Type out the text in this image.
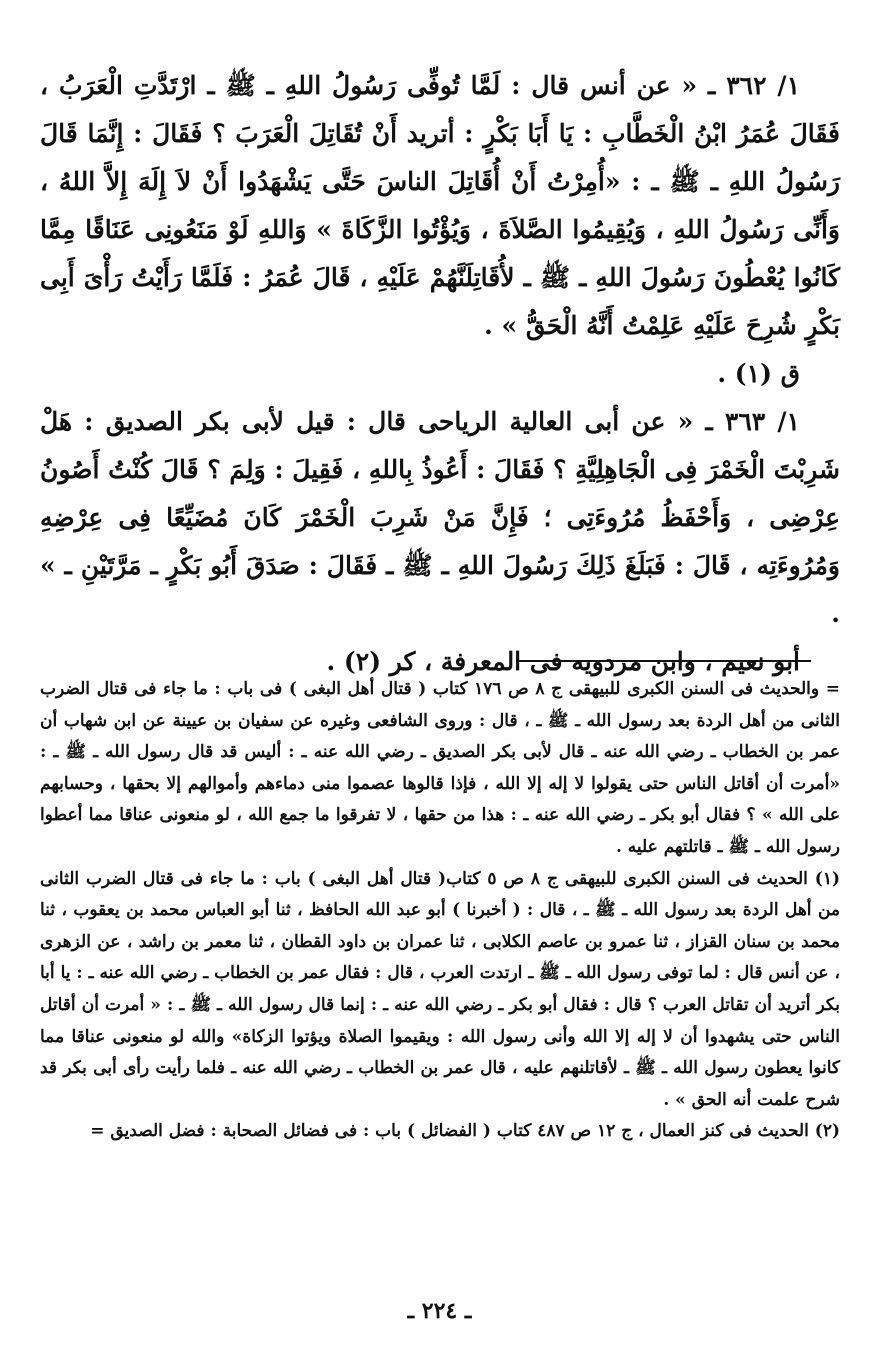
١/ ٣٦٢ ـ « عن أنس قال : لَمَّا تُوفِّى رَسُولُ اللهِ ـ ﷺ ـ ارْتَدَّتِ الْعَرَبُ ، فَقَالَ عُمَرُ ابْنُ الْخَطَّابِ : يَا أَبَا بَكْرٍ : أتريد أَنْ تُقَاتِلَ الْعَرَبَ ؟ فَقَالَ : إِنَّمَا قَالَ رَسُولُ اللهِ ـ ﷺ ـ : «أُمِرْتُ أَنْ أُقَاتِلَ الناسَ حَتَّى يَشْهَدُوا أَنْ لاَ إِلَهَ إِلاَّ اللهُ ، وَأَنِّى رَسُولُ اللهِ ، وَيُقِيمُوا الصَّلاَةَ ، وَيُؤْتُوا الزَّكَاةَ » وَاللهِ لَوْ مَنَعُونِى عَنَاقًا مِمَّا كَانُوا يُعْطُونَ رَسُولَ اللهِ ـ ﷺ ـ لأُقَاتِلَنَّهُمْ عَلَيْهِ ، قَالَ عُمَرُ : فَلَمَّا رَأَيْتُ رَأْىَ أَبِى بَكْرٍ شُرِحَ عَلَيْهِ عَلِمْتُ أَنَّهُ الْحَقُّ » .

ق (١) .

١/ ٣٦٣ ـ « عن أبى العالية الرياحى قال : قيل لأبى بكر الصديق : هَلْ شَرِبْتَ الْخَمْرَ فِى الْجَاهِلِيَّةِ ؟ فَقَالَ : أَعُوذُ بِاللهِ ، فَقِيلَ : وَلِمَ ؟ قَالَ كُنْتُ أَصُونُ عِرْضِى ، وَأَحْفَظُ مُرُوءَتِى ؛ فَإِنَّ مَنْ شَرِبَ الْخَمْرَ كَانَ مُضَيِّعًا فِى عِرْضِهِ وَمُرُوءَتِه ، قَالَ : فَبَلَغَ ذَلِكَ رَسُولَ اللهِ ـ ﷺ ـ فَقَالَ : صَدَقَ أَبُو بَكْرٍ ـ مَرَّتَيْنِ ـ » .

أبو نعيم ، وابن مردويه فى المعرفة ، كر (٢) .

= والحديث فى السنن الكبرى للبيهقى ج ٨ ص ١٧٦ كتاب ( قتال أهل البغى ) فى باب : ما جاء فى قتال الضرب الثانى من أهل الردة بعد رسول الله ـ ﷺ ـ ، قال : وروى الشافعى وغيره عن سفيان بن عيينة عن ابن شهاب أن عمر بن الخطاب ـ رضي الله عنه ـ قال لأبى بكر الصديق ـ رضي الله عنه ـ : أليس قد قال رسول الله ـ ﷺ ـ : «أمرت أن أقاتل الناس حتى يقولوا لا إله إلا الله ، فإذا قالوها عصموا منى دماءهم وأموالهم إلا بحقها ، وحسابهم على الله » ؟ فقال أبو بكر ـ رضي الله عنه ـ : هذا من حقها ، لا تفرقوا ما جمع الله ، لو منعونى عناقا مما أعطوا رسول الله ـ ﷺ ـ قاتلتهم عليه .

(١) الحديث فى السنن الكبرى للبيهقى ج ٨ ص ٥ كتاب( قتال أهل البغى ) باب : ما جاء فى قتال الضرب الثانى من أهل الردة بعد رسول الله ـ ﷺ ـ ، قال : ( أخبرنا ) أبو عبد الله الحافظ ، ثنا أبو العباس محمد بن يعقوب ، ثنا محمد بن سنان القزاز ، ثنا عمرو بن عاصم الكلابى ، ثنا عمران بن داود القطان ، ثنا معمر بن راشد ، عن الزهرى ، عن أنس قال : لما توفى رسول الله ـ ﷺ ـ ارتدت العرب ، قال : فقال عمر بن الخطاب ـ رضي الله عنه ـ : يا أبا بكر أتريد أن تقاتل العرب ؟ قال : فقال أبو بكر ـ رضي الله عنه ـ : إنما قال رسول الله ـ ﷺ ـ : « أمرت أن أقاتل الناس حتى يشهدوا أن لا إله إلا الله وأنى رسول الله : ويقيموا الصلاة ويؤتوا الزكاة» والله لو منعونى عناقا مما كانوا يعطون رسول الله ـ ﷺ ـ لأقاتلنهم عليه ، قال عمر بن الخطاب ـ رضي الله عنه ـ فلما رأيت رأى أبى بكر قد شرح علمت أنه الحق » .

(٢) الحديث فى كنز العمال ، ج ١٢ ص ٤٨٧ كتاب ( الفضائل ) باب : فى فضائل الصحابة : فضل الصديق =

ـ ٢٢٤ ـ
